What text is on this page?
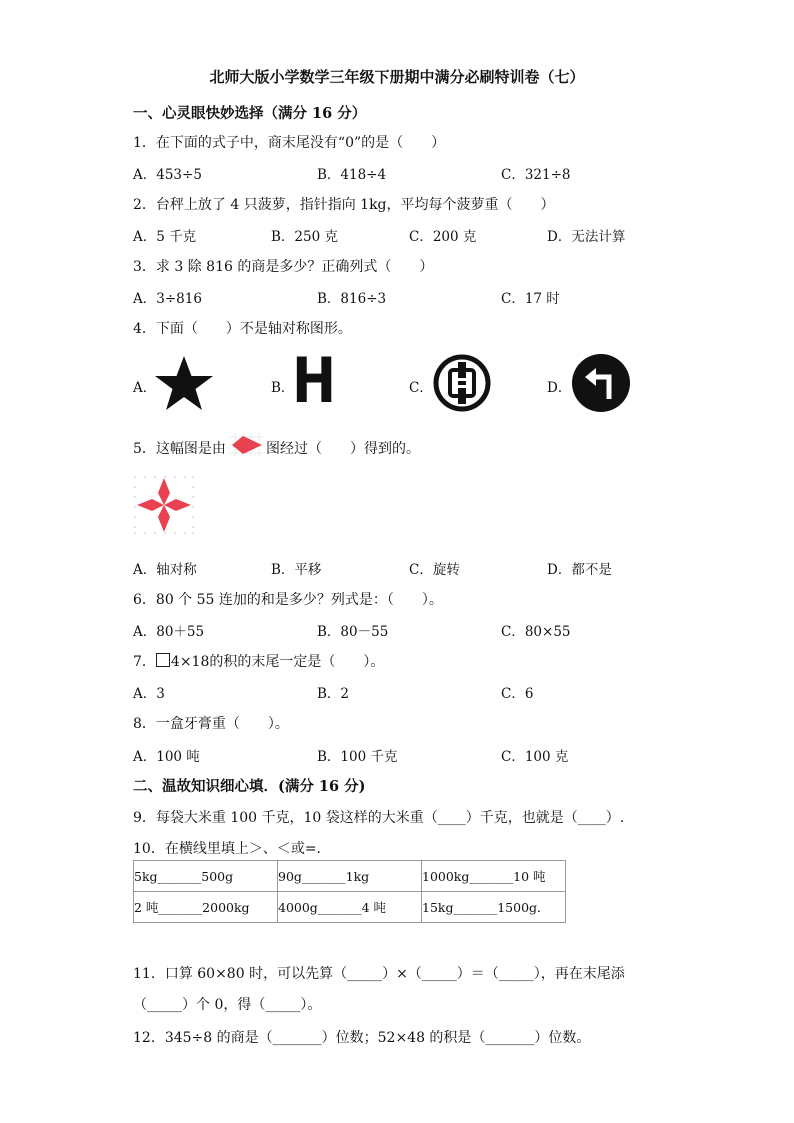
北师大版小学数学三年级下册期中满分必刷特训卷（七）
一、心灵眼快妙选择（满分 16 分）
1．在下面的式子中，商末尾没有“0”的是（　　）
A．453÷5	B．418÷4	C．321÷8
2．台秤上放了 4 只菠萝，指针指向 1kg，平均每个菠萝重（　　）
A．5 千克	B．250 克	C．200 克	D．无法计算
3．求 3 除 816 的商是多少？正确列式（　　）
A．3÷816	B．816÷3	C．17 时
4．下面（　　）不是轴对称图形。
A．	B．
H	C．	D．
5．这幅图是由	图经过（　　）得到的。
A．轴对称	B．平移	C．旋转	D．都不是
6．80 个 55 连加的和是多少？列式是：（　　）。
A．80＋55	B．80－55	C．80×55
7． 4×18的积的末尾一定是（　　）。
A．3	B．2	C．6
8．一盒牙膏重（　　）。
A．100 吨	B．100 千克	C．100 克
二、温故知识细心填．(满分 16 分)
9．每袋大米重 100 千克，10 袋这样的大米重（____）千克，也就是（____）.
10．在横线里填上＞、＜或=．
5kg_______500g	90g_______1kg	1000kg_______10 吨
2 吨_______2000kg	4000g_______4 吨	15kg_______1500g．
11．口算 60×80 时，可以先算（_____）×（_____）＝（_____），再在末尾添
（_____）个 0，得（_____）。
12．345÷8 的商是（_______）位数；52×48 的积是（_______）位数。
